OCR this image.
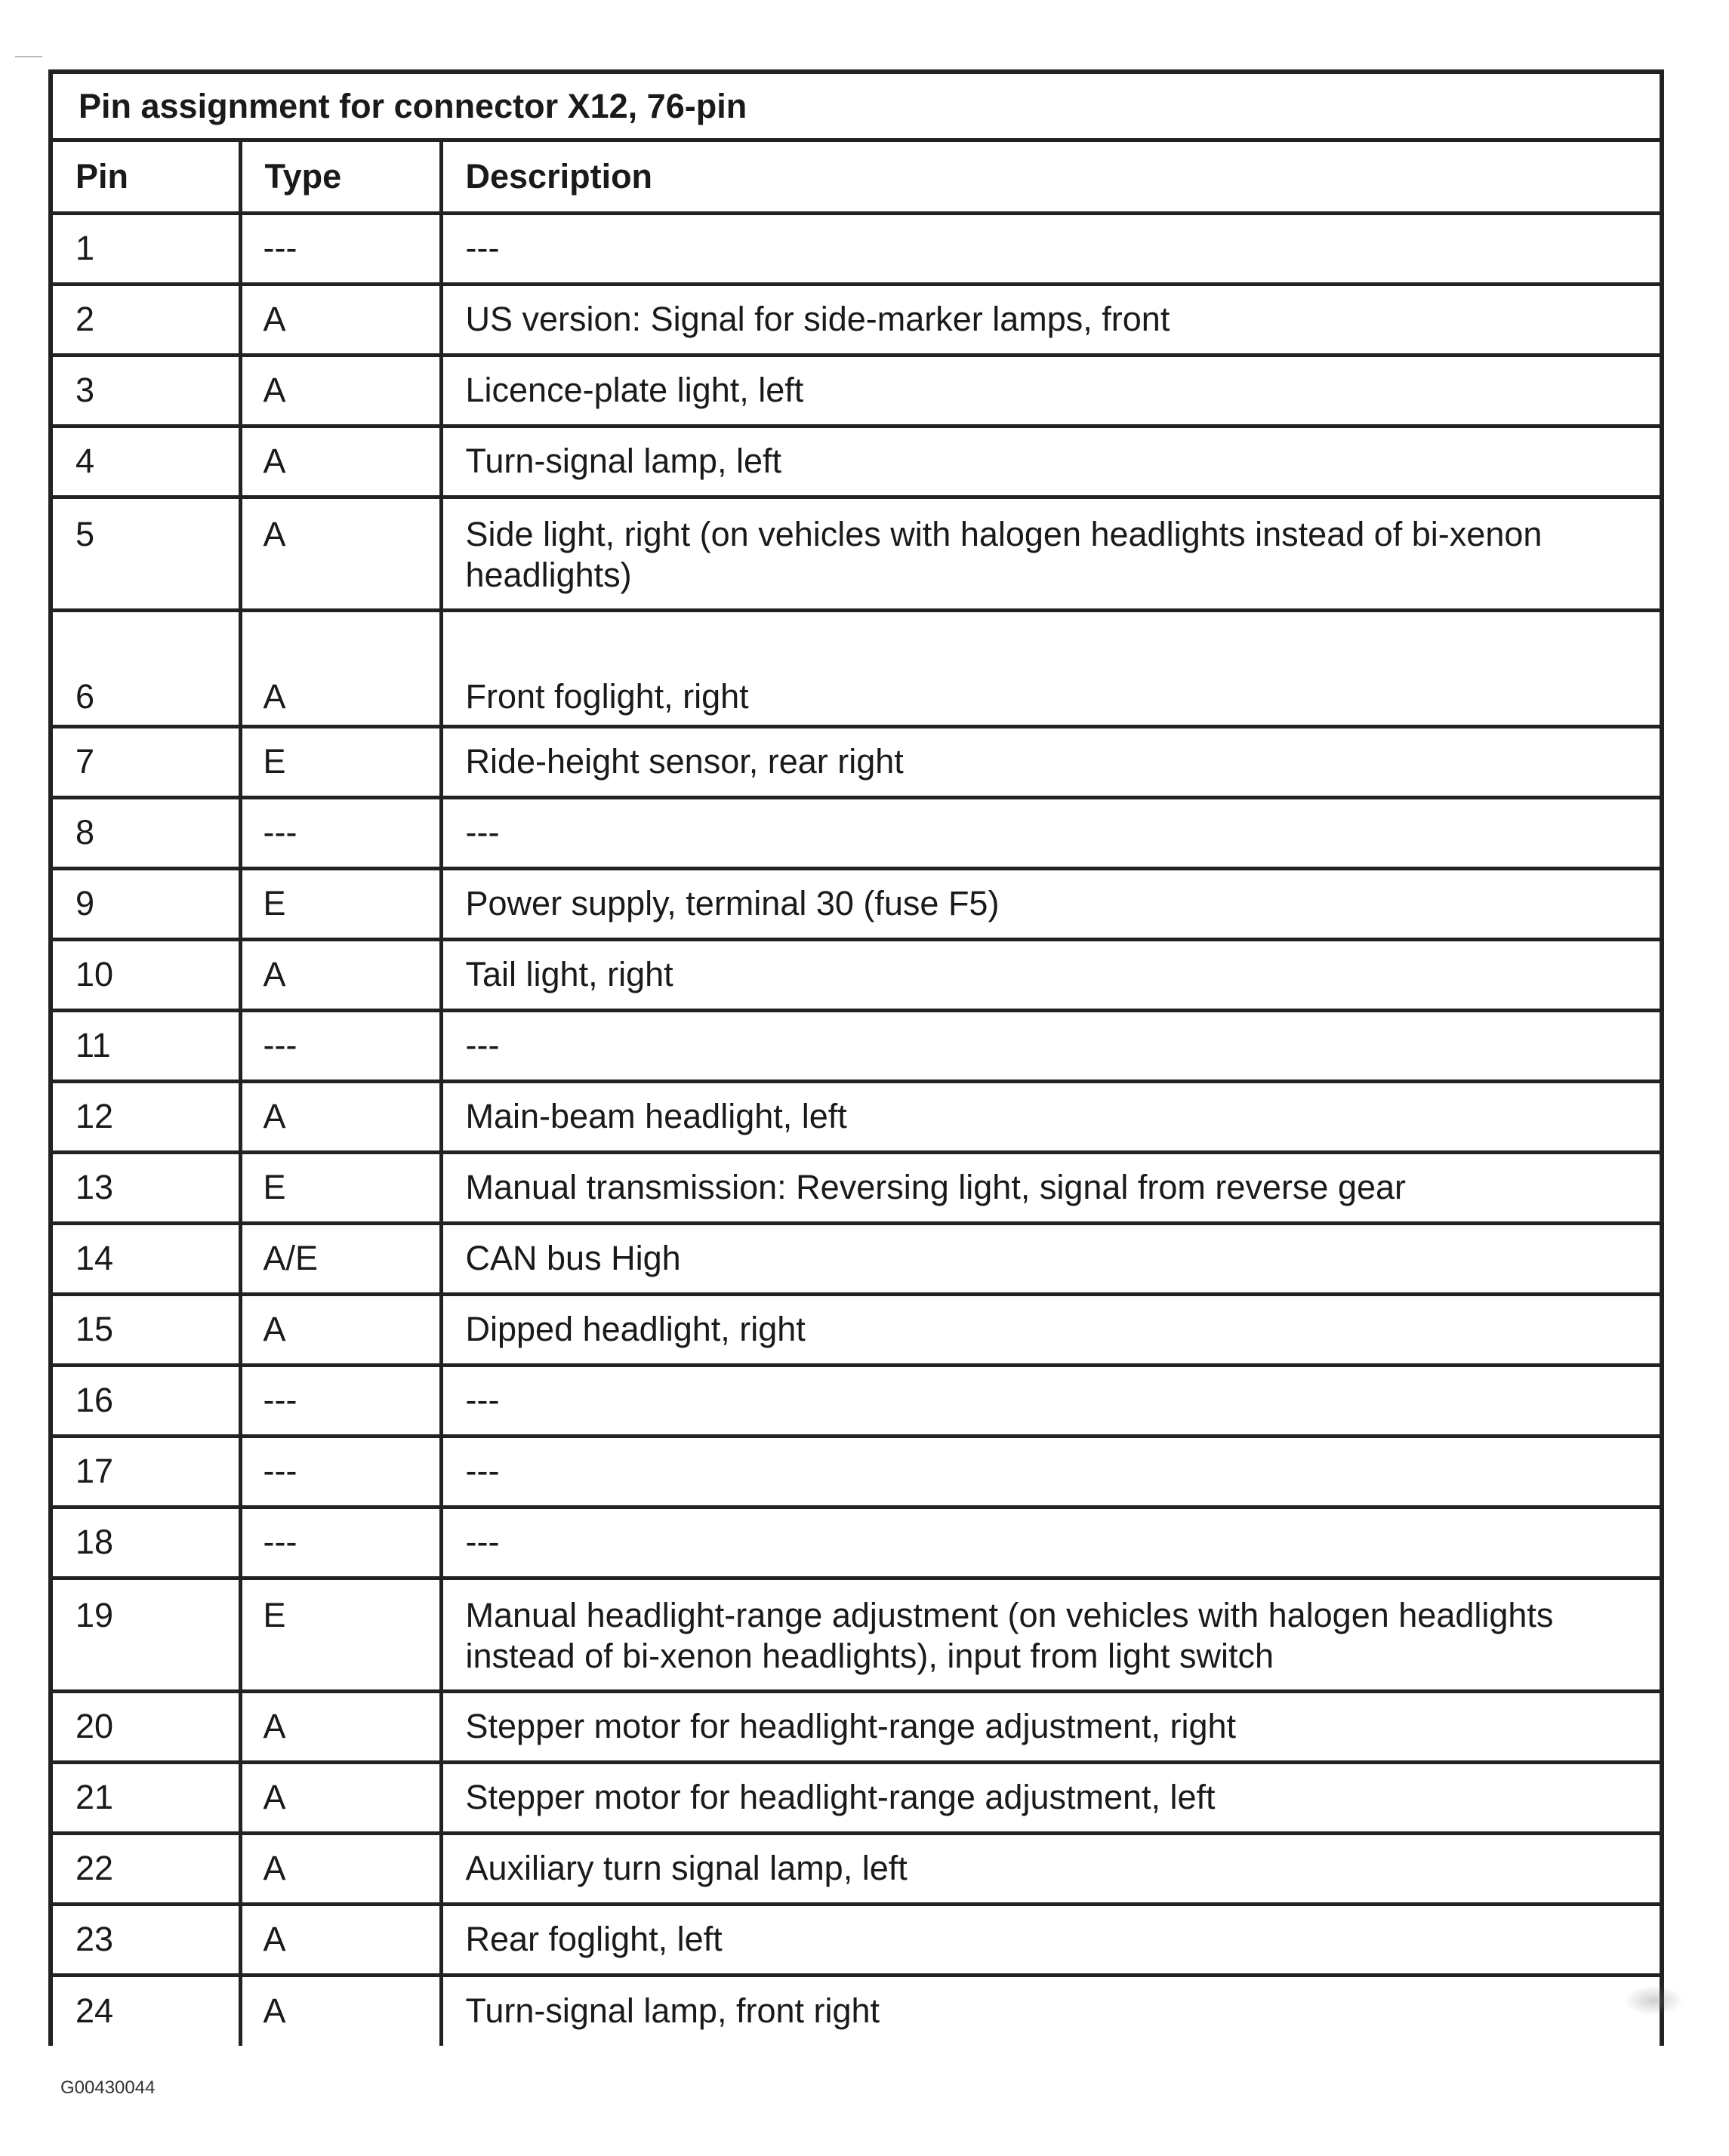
Pin assignment for connector X12, 76-pin
Pin	Type	Description
1	---	---
2	A	US version: Signal for side-marker lamps, front
3	A	Licence-plate light, left
4	A	Turn-signal lamp, left
5	A	Side light, right (on vehicles with halogen headlights instead of bi-xenon headlights)
6	A	Front foglight, right
7	E	Ride-height sensor, rear right
8	---	---
9	E	Power supply, terminal 30 (fuse F5)
10	A	Tail light, right
11	---	---
12	A	Main-beam headlight, left
13	E	Manual transmission: Reversing light, signal from reverse gear
14	A/E	CAN bus High
15	A	Dipped headlight, right
16	---	---
17	---	---
18	---	---
19	E	Manual headlight-range adjustment (on vehicles with halogen headlights instead of bi-xenon headlights), input from light switch
20	A	Stepper motor for headlight-range adjustment, right
21	A	Stepper motor for headlight-range adjustment, left
22	A	Auxiliary turn signal lamp, left
23	A	Rear foglight, left
24	A	Turn-signal lamp, front right
G00430044
